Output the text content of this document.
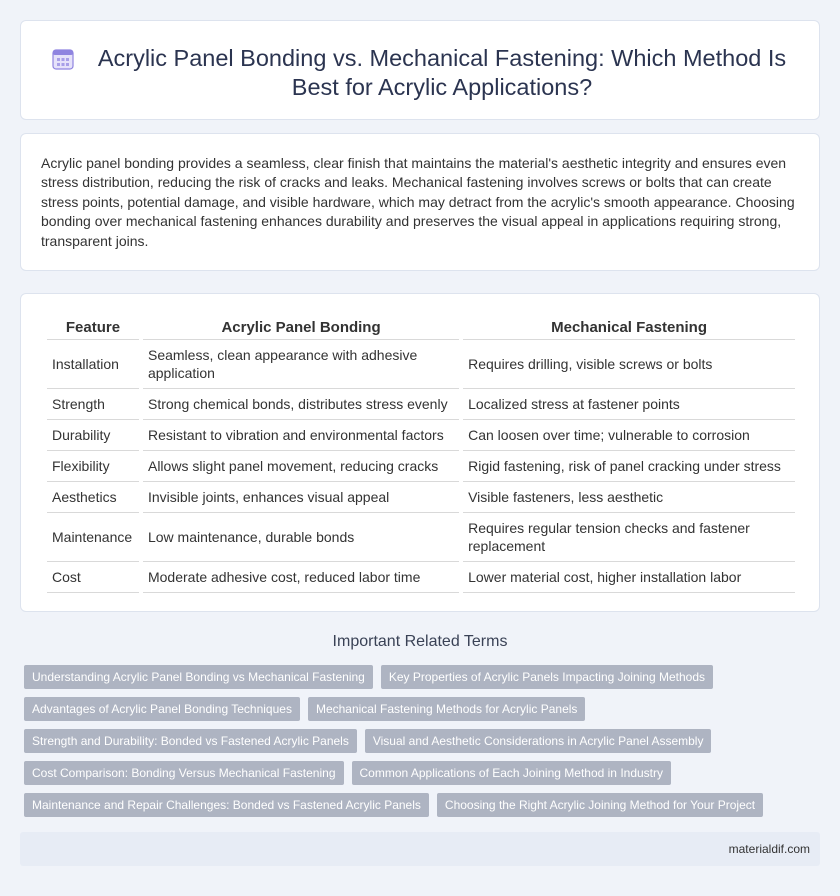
Acrylic Panel Bonding vs. Mechanical Fastening: Which Method Is Best for Acrylic Applications?

Acrylic panel bonding provides a seamless, clear finish that maintains the material's aesthetic integrity and ensures even stress distribution, reducing the risk of cracks and leaks. Mechanical fastening involves screws or bolts that can create stress points, potential damage, and visible hardware, which may detract from the acrylic's smooth appearance. Choosing bonding over mechanical fastening enhances durability and preserves the visual appeal in applications requiring strong, transparent joins.

Feature	Acrylic Panel Bonding	Mechanical Fastening
Installation	Seamless, clean appearance with adhesive application	Requires drilling, visible screws or bolts
Strength	Strong chemical bonds, distributes stress evenly	Localized stress at fastener points
Durability	Resistant to vibration and environmental factors	Can loosen over time; vulnerable to corrosion
Flexibility	Allows slight panel movement, reducing cracks	Rigid fastening, risk of panel cracking under stress
Aesthetics	Invisible joints, enhances visual appeal	Visible fasteners, less aesthetic
Maintenance	Low maintenance, durable bonds	Requires regular tension checks and fastener replacement
Cost	Moderate adhesive cost, reduced labor time	Lower material cost, higher installation labor
Important Related Terms
Understanding Acrylic Panel Bonding vs Mechanical Fastening	Key Properties of Acrylic Panels Impacting Joining Methods
Advantages of Acrylic Panel Bonding Techniques	Mechanical Fastening Methods for Acrylic Panels
Strength and Durability: Bonded vs Fastened Acrylic Panels	Visual and Aesthetic Considerations in Acrylic Panel Assembly
Cost Comparison: Bonding Versus Mechanical Fastening	Common Applications of Each Joining Method in Industry
Maintenance and Repair Challenges: Bonded vs Fastened Acrylic Panels	Choosing the Right Acrylic Joining Method for Your Project
materialdif.com
